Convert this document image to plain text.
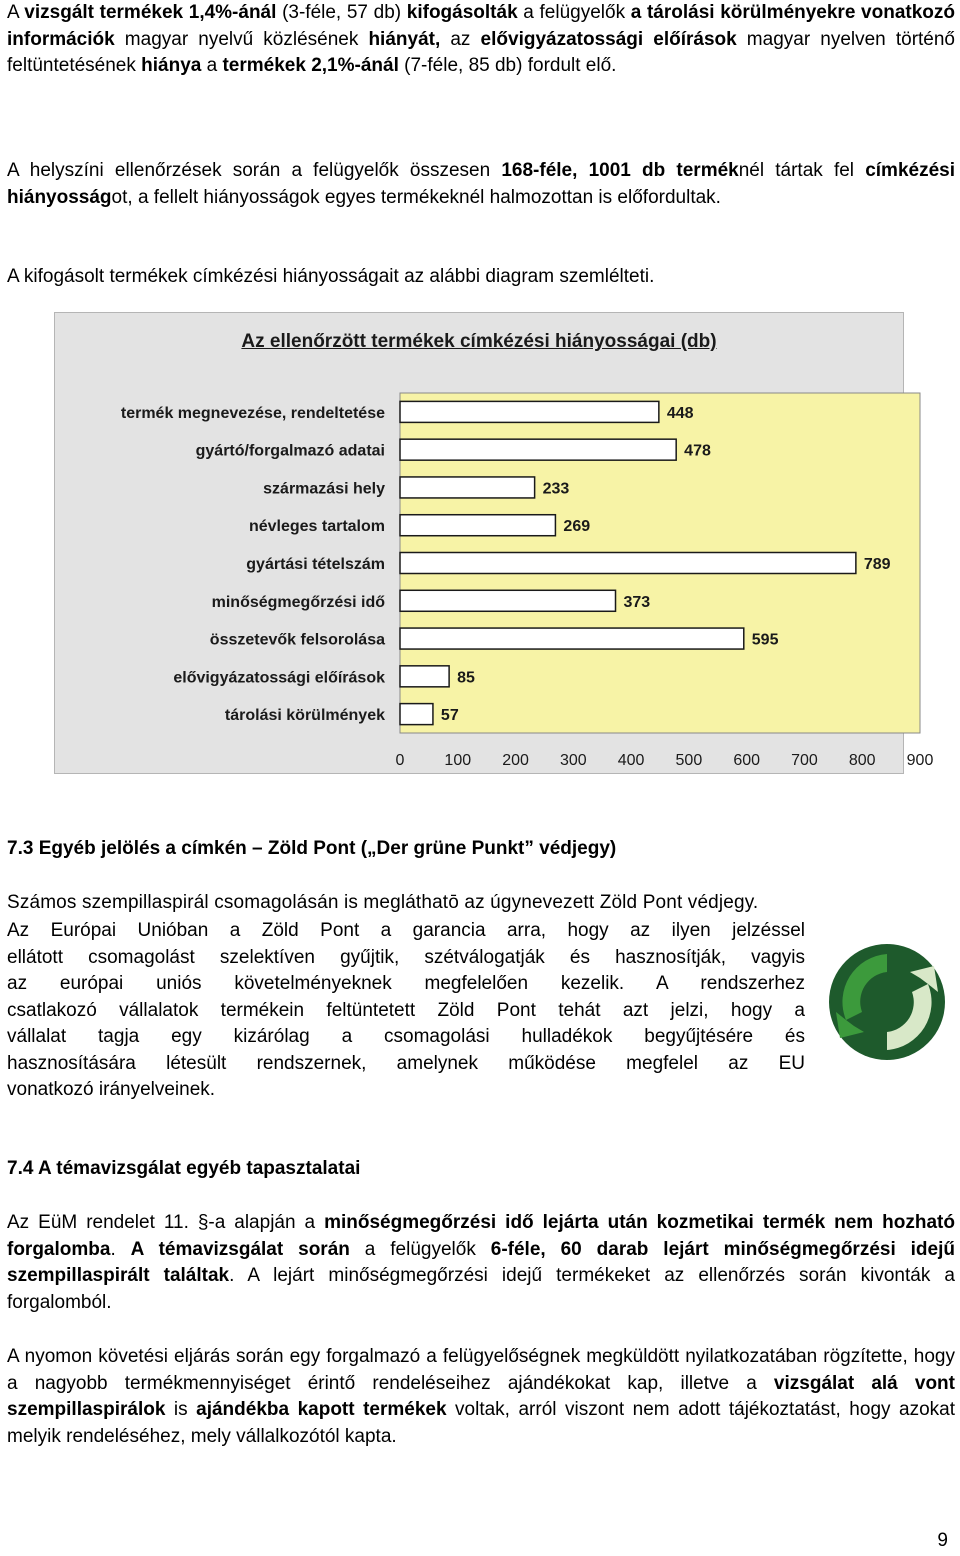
A vizsgált termékek 1,4%-ánál (3-féle, 57 db) kifogásolták a felügyelők a tárolási körülményekre vonatkozó információk magyar nyelvű közlésének hiányát, az elővigyázatossági előírások magyar nyelven történő feltüntetésének hiánya a termékek 2,1%-ánál (7-féle, 85 db) fordult elő.
A helyszíni ellenőrzések során a felügyelők összesen 168-féle, 1001 db terméknél tártak fel címkézési hiányosságot, a fellelt hiányosságok egyes termékeknél halmozottan is előfordultak.
A kifogásolt termékek címkézési hiányosságait az alábbi diagram szemlélteti.
Az ellenőrzött termékek címkézési hiányosságai (db)
termék megnevezése, rendeltetése	448
gyártó/forgalmazó adatai	478
származási hely	233
névleges tartalom	269
gyártási tételszám	789
minőségmegőrzési idő	373
összetevők felsorolása	595
elővigyázatossági előírások	85
tárolási körülmények	57
0 100 200 300 400 500 600 700 800 900
7.3 Egyéb jelölés a címkén – Zöld Pont („Der grüne Punkt” védjegy)
Számos szempillaspirál csomagolásán is megláthatō az úgynevezett Zöld Pont védjegy.
Az Európai Unióban a Zöld Pont a garancia arra, hogy az ilyen jelzéssel
ellátott csomagolást szelektíven gyűjtik, szétválogatják és hasznosítják, vagyis
az európai uniós követelményeknek megfelelően kezelik. A rendszerhez
csatlakozó vállalatok termékein feltüntetett Zöld Pont tehát azt jelzi, hogy a
vállalat tagja egy kizárólag a csomagolási hulladékok begyűjtésére és
hasznosítására létesült rendszernek, amelynek működése megfelel az EU
vonatkozó irányelveinek.
7.4 A témavizsgálat egyéb tapasztalatai
Az EüM rendelet 11. §-a alapján a minőségmegőrzési idő lejárta után kozmetikai termék nem hozható forgalomba. A témavizsgálat során a felügyelők 6-féle, 60 darab lejárt minőségmegőrzési idejű szempillaspirált találtak. A lejárt minőségmegőrzési idejű termékeket az ellenőrzés során kivonták a forgalomból.
A nyomon követési eljárás során egy forgalmazó a felügyelőségnek megküldött nyilatkozatában rögzítette, hogy a nagyobb termékmennyiséget érintő rendeléseihez ajándékokat kap, illetve a vizsgálat alá vont szempillaspirálok is ajándékba kapott termékek voltak, arról viszont nem adott tájékoztatást, hogy azokat melyik rendeléséhez, mely vállalkozótól kapta.
9
